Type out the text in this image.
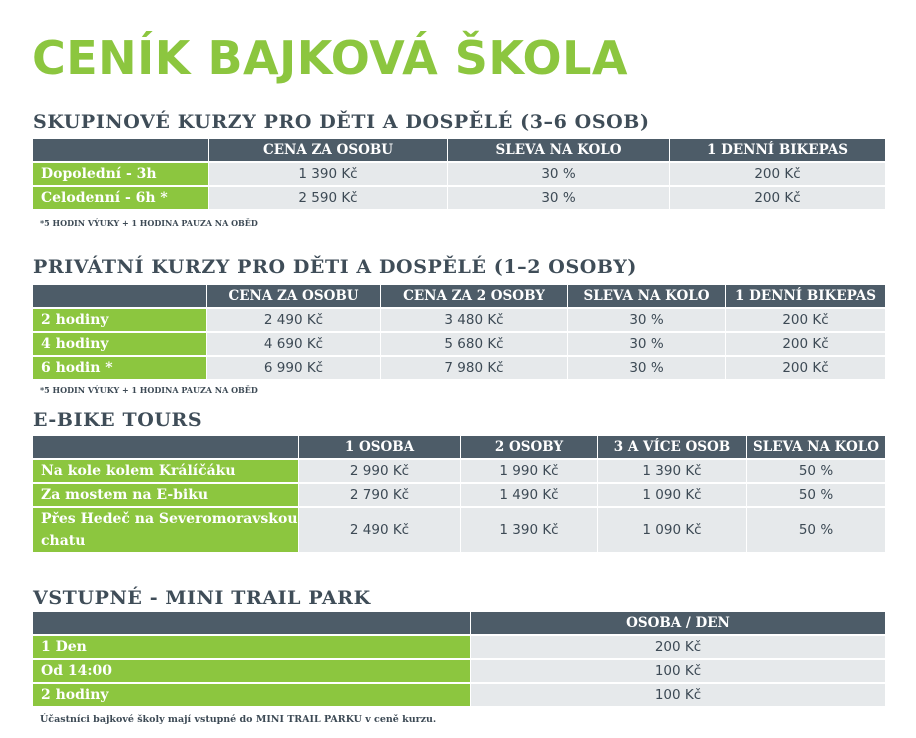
CENÍK BAJKOVÁ ŠKOLA
SKUPINOVÉ KURZY PRO DĚTI A DOSPĚLÉ (3–6 OSOB)
	CENA ZA OSOBU	SLEVA NA KOLO	1 DENNÍ BIKEPAS
Dopolední - 3h	1 390 Kč	30 %	200 Kč
Celodenní - 6h *	2 590 Kč	30 %	200 Kč
*5 HODIN VÝUKY + 1 HODINA PAUZA NA OBĚD
PRIVÁTNÍ KURZY PRO DĚTI A DOSPĚLÉ (1–2 OSOBY)
	CENA ZA OSOBU	CENA ZA 2 OSOBY	SLEVA NA KOLO	1 DENNÍ BIKEPAS
2 hodiny	2 490 Kč	3 480 Kč	30 %	200 Kč
4 hodiny	4 690 Kč	5 680 Kč	30 %	200 Kč
6 hodin *	6 990 Kč	7 980 Kč	30 %	200 Kč
*5 HODIN VÝUKY + 1 HODINA PAUZA NA OBĚD
E-BIKE TOURS
	1 OSOBA	2 OSOBY	3 A VÍCE OSOB	SLEVA NA KOLO
Na kole kolem Králíčáku	2 990 Kč	1 990 Kč	1 390 Kč	50 %
Za mostem na E-biku	2 790 Kč	1 490 Kč	1 090 Kč	50 %
Přes Hedeč na Severomoravskou chatu	2 490 Kč	1 390 Kč	1 090 Kč	50 %
VSTUPNÉ - MINI TRAIL PARK
	OSOBA / DEN
1 Den	200 Kč
Od 14:00	100 Kč
2 hodiny	100 Kč
Účastníci bajkové školy mají vstupné do MINI TRAIL PARKU v ceně kurzu.
